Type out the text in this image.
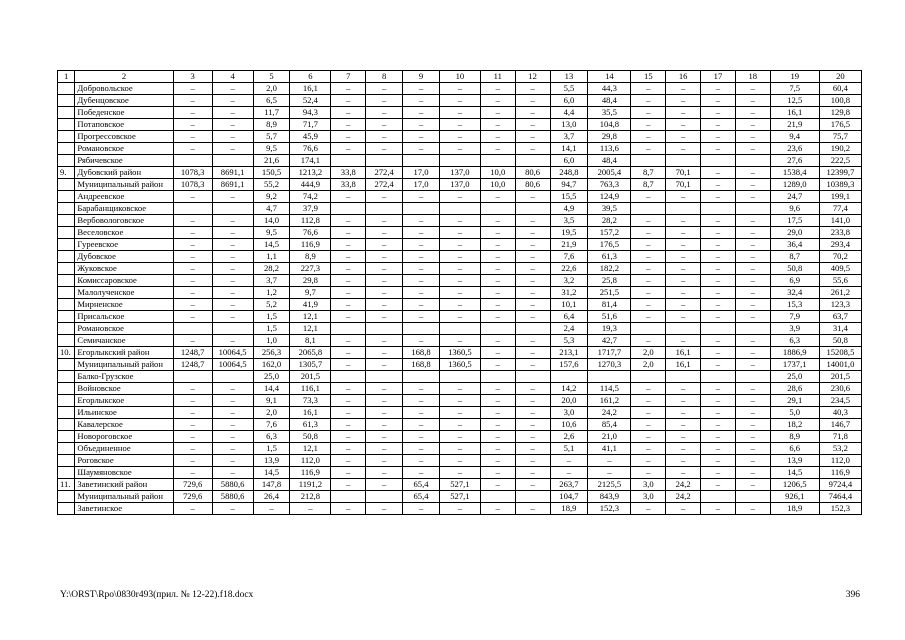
1	2	3	4	5	6	7	8	9	10	11	12	13	14	15	16	17	18	19	20
	Добровольское	–	–	2,0	16,1	–	–	–	–	–	–	5,5	44,3	–	–	–	–	7,5	60,4
	Дубенцовское	–	–	6,5	52,4	–	–	–	–	–	–	6,0	48,4	–	–	–	–	12,5	100,8
	Победенское	–	–	11,7	94,3	–	–	–	–	–	–	4,4	35,5	–	–	–	–	16,1	129,8
	Потаповское	–	–	8,9	71,7	–	–	–	–	–	–	13,0	104,8	–	–	–	–	21,9	176,5
	Прогрессовское	–	–	5,7	45,9	–	–	–	–	–	–	3,7	29,8	–	–	–	–	9,4	75,7
	Романовское	–	–	9,5	76,6	–	–	–	–	–	–	14,1	113,6	–	–	–	–	23,6	190,2
	Рябичевское			21,6	174,1							6,0	48,4					27,6	222,5
9.	Дубовский район	1078,3	8691,1	150,5	1213,2	33,8	272,4	17,0	137,0	10,0	80,6	248,8	2005,4	8,7	70,1	–	–	1538,4	12399,7
	Муниципальный район	1078,3	8691,1	55,2	444,9	33,8	272,4	17,0	137,0	10,0	80,6	94,7	763,3	8,7	70,1	–	–	1289,0	10389,3
	Андреевское	–	–	9,2	74,2	–	–	–	–	–	–	15,5	124,9	–	–	–	–	24,7	199,1
	Барабанщиковское			4,7	37,9							4,9	39,5					9,6	77,4
	Вербовологовское	–	–	14,0	112,8	–	–	–	–	–	–	3,5	28,2	–	–	–	–	17,5	141,0
	Веселовское	–	–	9,5	76,6	–	–	–	–	–	–	19,5	157,2	–	–	–	–	29,0	233,8
	Гуреевское	–	–	14,5	116,9	–	–	–	–	–	–	21,9	176,5	–	–	–	–	36,4	293,4
	Дубовское	–	–	1,1	8,9	–	–	–	–	–	–	7,6	61,3	–	–	–	–	8,7	70,2
	Жуковское	–	–	28,2	227,3	–	–	–	–	–	–	22,6	182,2	–	–	–	–	50,8	409,5
	Комиссаровское	–	–	3,7	29,8	–	–	–	–	–	–	3,2	25,8	–	–	–	–	6,9	55,6
	Малолученское	–	–	1,2	9,7	–	–	–	–	–	–	31,2	251,5	–	–	–	–	32,4	261,2
	Мирненское	–	–	5,2	41,9	–	–	–	–	–	–	10,1	81,4	–	–	–	–	15,3	123,3
	Присальское	–	–	1,5	12,1	–	–	–	–	–	–	6,4	51,6	–	–	–	–	7,9	63,7
	Романовское			1,5	12,1							2,4	19,3					3,9	31,4
	Семичанское	–	–	1,0	8,1	–	–	–	–	–	–	5,3	42,7	–	–	–	–	6,3	50,8
10.	Егорлыкский район	1248,7	10064,5	256,3	2065,8	–	–	168,8	1360,5	–	–	213,1	1717,7	2,0	16,1	–	–	1886,9	15208,5
	Муниципальный район	1248,7	10064,5	162,0	1305,7	–	–	168,8	1360,5	–	–	157,6	1270,3	2,0	16,1	–	–	1737,1	14001,0
	Балко-Грузское			25,0	201,5													25,0	201,5
	Войновское	–	–	14,4	116,1	–	–	–	–	–	–	14,2	114,5	–	–	–	–	28,6	230,6
	Егорлыкское	–	–	9,1	73,3	–	–	–	–	–	–	20,0	161,2	–	–	–	–	29,1	234,5
	Ильинское	–	–	2,0	16,1	–	–	–	–	–	–	3,0	24,2	–	–	–	–	5,0	40,3
	Кавалерское	–	–	7,6	61,3	–	–	–	–	–	–	10,6	85,4	–	–	–	–	18,2	146,7
	Новороговское	–	–	6,3	50,8	–	–	–	–	–	–	2,6	21,0	–	–	–	–	8,9	71,8
	Объединенное	–	–	1,5	12,1	–	–	–	–	–	–	5,1	41,1	–	–	–	–	6,6	53,2
	Роговское	–	–	13,9	112,0	–	–	–	–	–	–	–	–	–	–	–	–	13,9	112,0
	Шаумяновское	–	–	14,5	116,9	–	–	–	–	–	–	–	–	–	–	–	–	14,5	116,9
11.	Заветинский район	729,6	5880,6	147,8	1191,2	–	–	65,4	527,1	–	–	263,7	2125,5	3,0	24,2	–	–	1206,5	9724,4
	Муниципальный район	729,6	5880,6	26,4	212,8			65,4	527,1			104,7	843,9	3,0	24,2			926,1	7464,4
	Заветинское	–	–	–	–	–	–	–	–	–	–	18,9	152,3	–	–	–	–	18,9	152,3
Y:\ORST\Rpo\0830r493(прил. № 12-22).f18.docx	396
